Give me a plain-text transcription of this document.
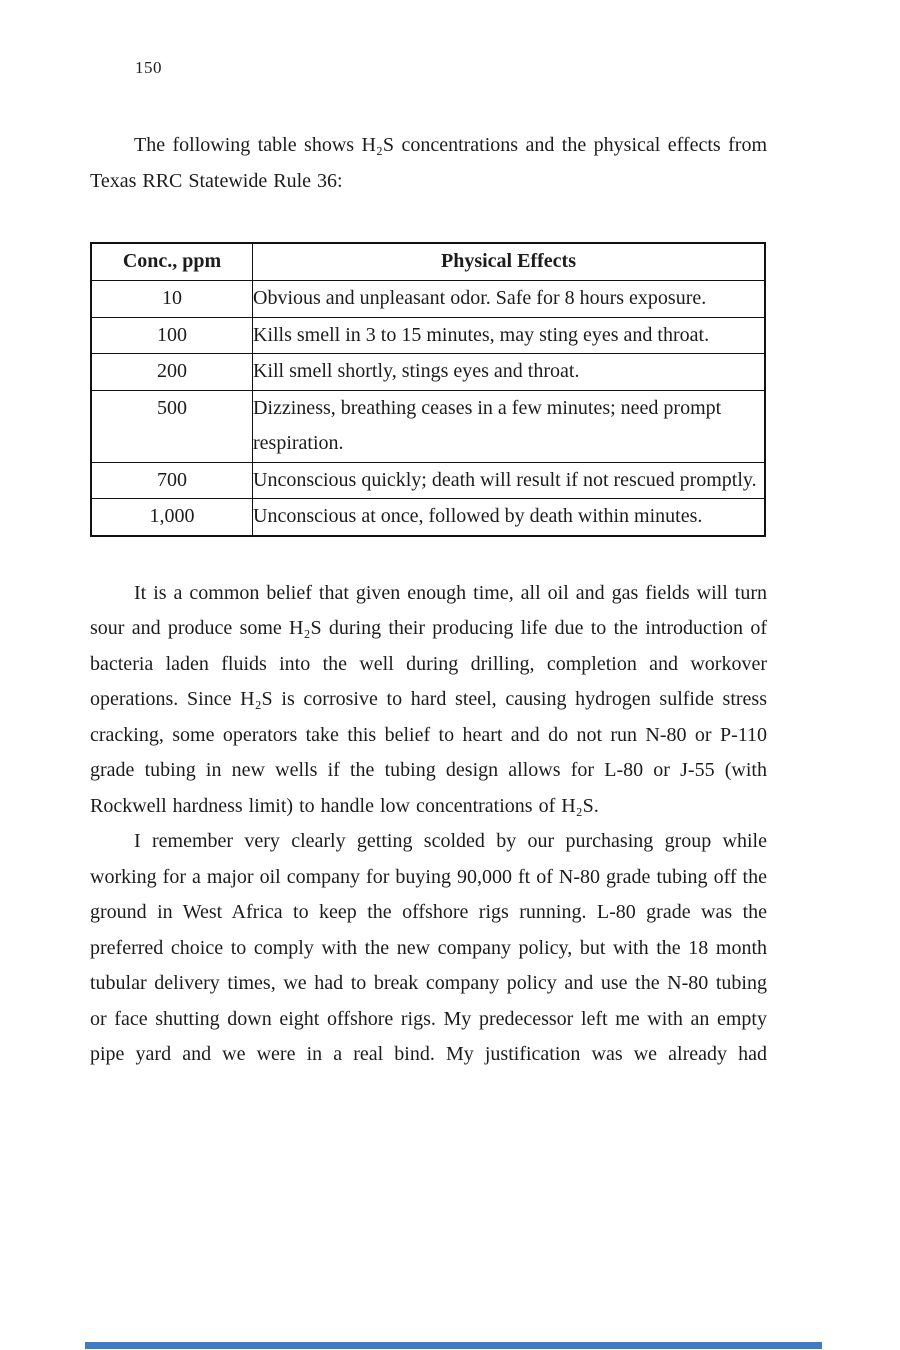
150

The following table shows H₂S concentrations and the physical effects from Texas RRC Statewide Rule 36:

Conc., ppm	Physical Effects
10	Obvious and unpleasant odor. Safe for 8 hours exposure.
100	Kills smell in 3 to 15 minutes, may sting eyes and throat.
200	Kill smell shortly, stings eyes and throat.
500	Dizziness, breathing ceases in a few minutes; need prompt respiration.
700	Unconscious quickly; death will result if not rescued promptly.
1,000	Unconscious at once, followed by death within minutes.

It is a common belief that given enough time, all oil and gas fields will turn sour and produce some H₂S during their producing life due to the introduction of bacteria laden fluids into the well during drilling, completion and workover operations. Since H₂S is corrosive to hard steel, causing hydrogen sulfide stress cracking, some operators take this belief to heart and do not run N-80 or P-110 grade tubing in new wells if the tubing design allows for L-80 or J-55 (with Rockwell hardness limit) to handle low concentrations of H₂S.

I remember very clearly getting scolded by our purchasing group while working for a major oil company for buying 90,000 ft of N-80 grade tubing off the ground in West Africa to keep the offshore rigs running. L-80 grade was the preferred choice to comply with the new company policy, but with the 18 month tubular delivery times, we had to break company policy and use the N-80 tubing or face shutting down eight offshore rigs. My predecessor left me with an empty pipe yard and we were in a real bind. My justification was we already had
